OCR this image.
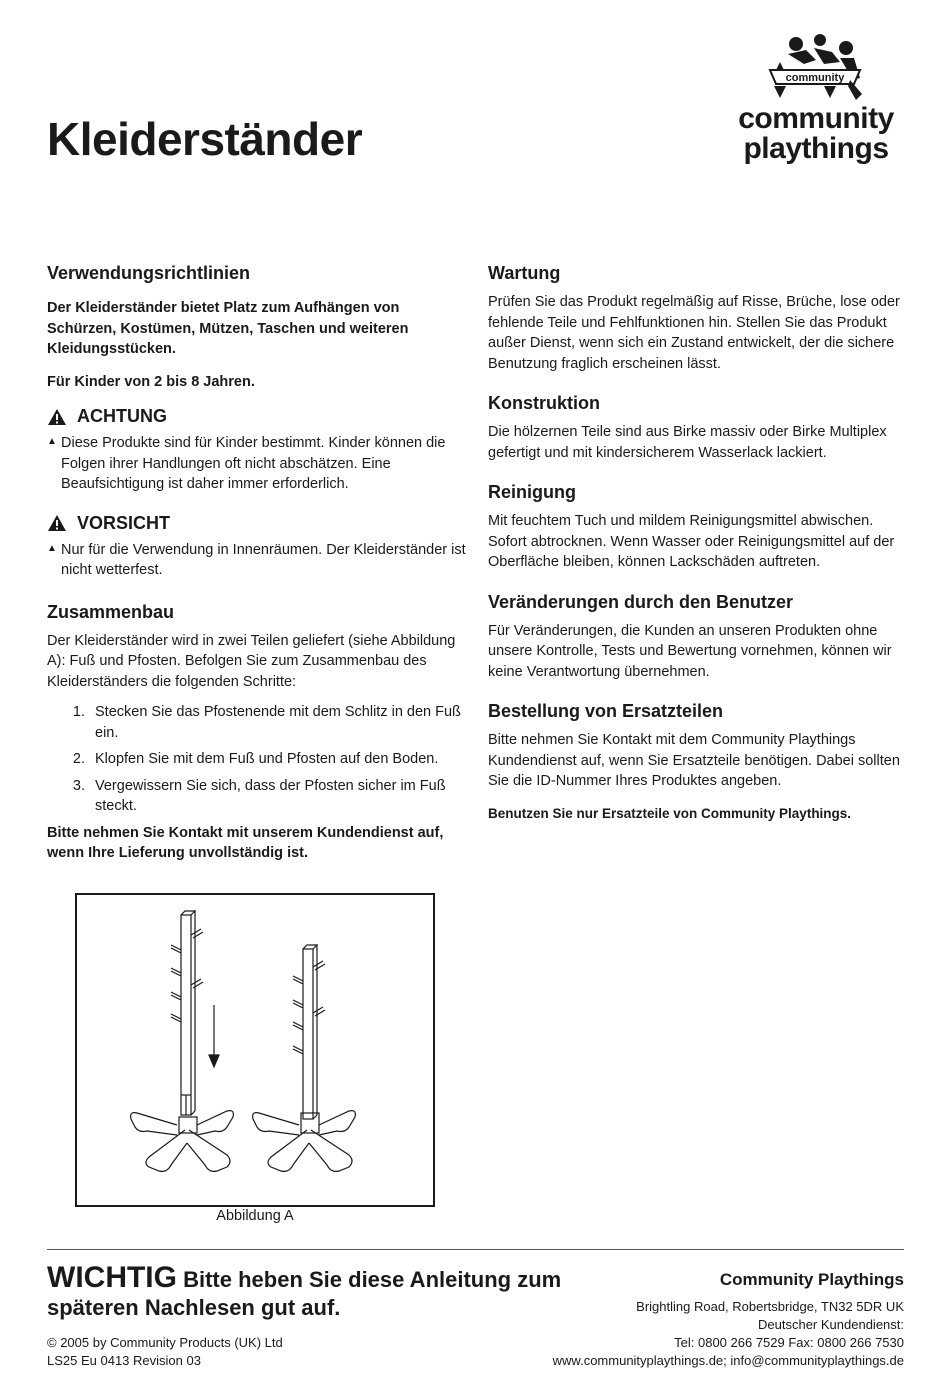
Kleiderständer
community
community
playthings
Verwendungsrichtlinien

Der Kleiderständer bietet Platz zum Aufhängen von Schürzen, Kostümen, Mützen, Taschen und weiteren Kleidungsstücken.

Für Kinder von 2 bis 8 Jahren.

ACHTUNG
▲ Diese Produkte sind für Kinder bestimmt. Kinder können die Folgen ihrer Handlungen oft nicht abschätzen. Eine Beaufsichtigung ist daher immer erforderlich.
VORSICHT
▲ Nur für die Verwendung in Innenräumen. Der Kleiderständer ist nicht wetterfest.
Zusammenbau

Der Kleiderständer wird in zwei Teilen geliefert (siehe Abbildung A): Fuß und Pfosten. Befolgen Sie zum Zusammenbau des Kleiderständers die folgenden Schritte:

1. Stecken Sie das Pfostenende mit dem Schlitz in den Fuß ein.
2. Klopfen Sie mit dem Fuß und Pfosten auf den Boden.
3. Vergewissern Sie sich, dass der Pfosten sicher im Fuß steckt.

Bitte nehmen Sie Kontakt mit unserem Kundendienst auf, wenn Ihre Lieferung unvollständig ist.

Wartung

Prüfen Sie das Produkt regelmäßig auf Risse, Brüche, lose oder fehlende Teile und Fehlfunktionen hin. Stellen Sie das Produkt außer Dienst, wenn sich ein Zustand entwickelt, der die sichere Benutzung fraglich erscheinen lässt.

Konstruktion

Die hölzernen Teile sind aus Birke massiv oder Birke Multiplex gefertigt und mit kindersicherem Wasserlack lackiert.

Reinigung

Mit feuchtem Tuch und mildem Reinigungsmittel abwischen. Sofort abtrocknen. Wenn Wasser oder Reinigungsmittel auf der Oberfläche bleiben, können Lackschäden auftreten.

Veränderungen durch den Benutzer

Für Veränderungen, die Kunden an unseren Produkten ohne unsere Kontrolle, Tests und Bewertung vornehmen, können wir keine Verantwortung übernehmen.

Bestellung von Ersatzteilen

Bitte nehmen Sie Kontakt mit dem Community Playthings Kundendienst auf, wenn Sie Ersatzteile benötigen. Dabei sollten Sie die ID-Nummer Ihres Produktes angeben.

Benutzen Sie nur Ersatzteile von Community Playthings.

Abbildung A
WICHTIG Bitte heben Sie diese Anleitung zum späteren Nachlesen gut auf.
© 2005 by Community Products (UK) Ltd
LS25 Eu 0413 Revision 03
Community Playthings
Brightling Road, Robertsbridge, TN32 5DR UK
Deutscher Kundendienst:
Tel: 0800 266 7529 Fax: 0800 266 7530
www.communityplaythings.de; info@communityplaythings.de
